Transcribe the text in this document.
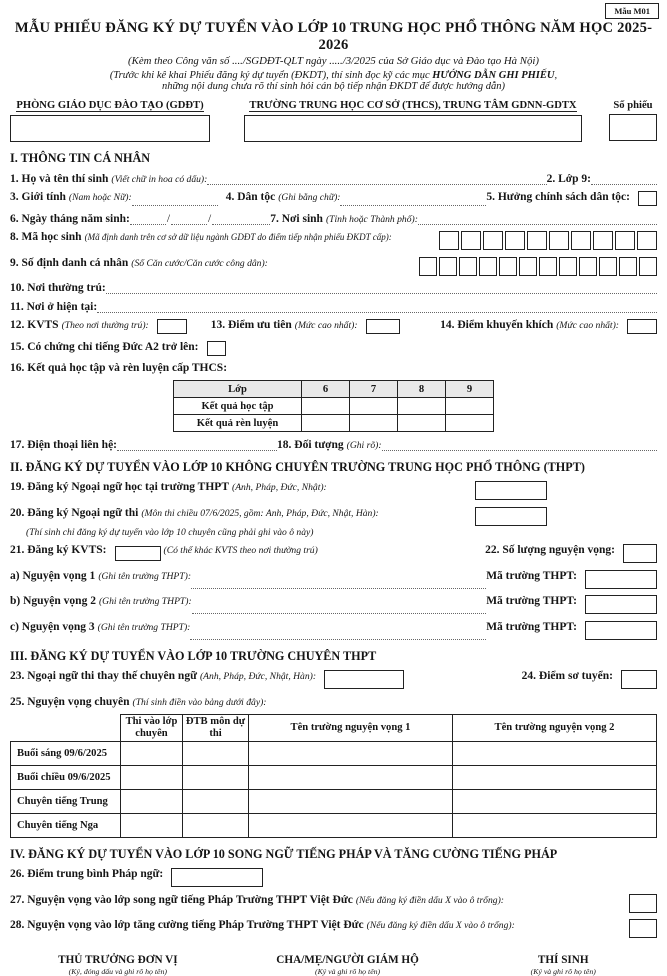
Mẫu M01
MẪU PHIẾU ĐĂNG KÝ DỰ TUYỂN VÀO LỚP 10 TRUNG HỌC PHỔ THÔNG NĂM HỌC 2025-2026
(Kèm theo Công văn số ..../SGDĐT-QLT ngày ...../3/2025 của Sở Giáo dục và Đào tạo Hà Nội)
(Trước khi kê khai Phiếu đăng ký dự tuyển (ĐKDT), thí sinh đọc kỹ các mục HƯỚNG DẪN GHI PHIẾU,
những nội dung chưa rõ thí sinh hỏi cán bộ tiếp nhận ĐKDT để được hướng dẫn)
PHÒNG GIÁO DỤC ĐÀO TẠO (GDĐT)	TRƯỜNG TRUNG HỌC CƠ SỞ (THCS), TRUNG TÂM GDNN-GDTX	Số phiếu
I. THÔNG TIN CÁ NHÂN
1. Họ và tên thí sinh (Viết chữ in hoa có dấu):	2. Lớp 9:
3. Giới tính (Nam hoặc Nữ):	4. Dân tộc (Ghi bằng chữ):	5. Hưởng chính sách dân tộc:
6. Ngày tháng năm sinh:	/	/	7. Nơi sinh (Tỉnh hoặc Thành phố):
8. Mã học sinh (Mã định danh trên cơ sở dữ liệu ngành GDĐT do điểm tiếp nhận phiếu ĐKDT cấp):
9. Số định danh cá nhân (Số Căn cước/Căn cước công dân):
10. Nơi thường trú:
11. Nơi ở hiện tại:
12. KVTS (Theo nơi thường trú):	13. Điểm ưu tiên (Mức cao nhất):	14. Điểm khuyến khích (Mức cao nhất):
15. Có chứng chỉ tiếng Đức A2 trở lên:
16. Kết quả học tập và rèn luyện cấp THCS:
Lớp	6	7	8	9
Kết quả học tập				
Kết quả rèn luyện				
17. Điện thoại liên hệ:	18. Đối tượng (Ghi rõ):
II. ĐĂNG KÝ DỰ TUYỂN VÀO LỚP 10 KHÔNG CHUYÊN TRƯỜNG TRUNG HỌC PHỔ THÔNG (THPT)
19. Đăng ký Ngoại ngữ học tại trường THPT (Anh, Pháp, Đức, Nhật):
20. Đăng ký Ngoại ngữ thi (Môn thi chiều 07/6/2025, gồm: Anh, Pháp, Đức, Nhật, Hàn):
(Thí sinh chỉ đăng ký dự tuyển vào lớp 10 chuyên cũng phải ghi vào ô này)
21. Đăng ký KVTS:	(Có thể khác KVTS theo nơi thường trú)	22. Số lượng nguyện vọng:
a) Nguyện vọng 1 (Ghi tên trường THPT):	Mã trường THPT:
b) Nguyện vọng 2 (Ghi tên trường THPT):	Mã trường THPT:
c) Nguyện vọng 3 (Ghi tên trường THPT):	Mã trường THPT:
III. ĐĂNG KÝ DỰ TUYỂN VÀO LỚP 10 TRƯỜNG CHUYÊN THPT
23. Ngoại ngữ thi thay thế chuyên ngữ (Anh, Pháp, Đức, Nhật, Hàn):	24. Điểm sơ tuyển:
25. Nguyện vọng chuyên (Thí sinh điền vào bảng dưới đây):
	Thi vào lớp chuyên	ĐTB môn dự thi	Tên trường nguyện vọng 1	Tên trường nguyện vọng 2
Buổi sáng 09/6/2025				
Buổi chiều 09/6/2025				
Chuyên tiếng Trung				
Chuyên tiếng Nga				
IV. ĐĂNG KÝ DỰ TUYỂN VÀO LỚP 10 SONG NGỮ TIẾNG PHÁP VÀ TĂNG CƯỜNG TIẾNG PHÁP
26. Điểm trung bình Pháp ngữ:
27. Nguyện vọng vào lớp song ngữ tiếng Pháp Trường THPT Việt Đức (Nếu đăng ký điền dấu X vào ô trống):
28. Nguyện vọng vào lớp tăng cường tiếng Pháp Trường THPT Việt Đức (Nếu đăng ký điền dấu X vào ô trống):
THỦ TRƯỞNG ĐƠN VỊ
(Ký, đóng dấu và ghi rõ họ tên)
CHA/MẸ/NGƯỜI GIÁM HỘ
(Ký và ghi rõ họ tên)
THÍ SINH
(Ký và ghi rõ họ tên)
